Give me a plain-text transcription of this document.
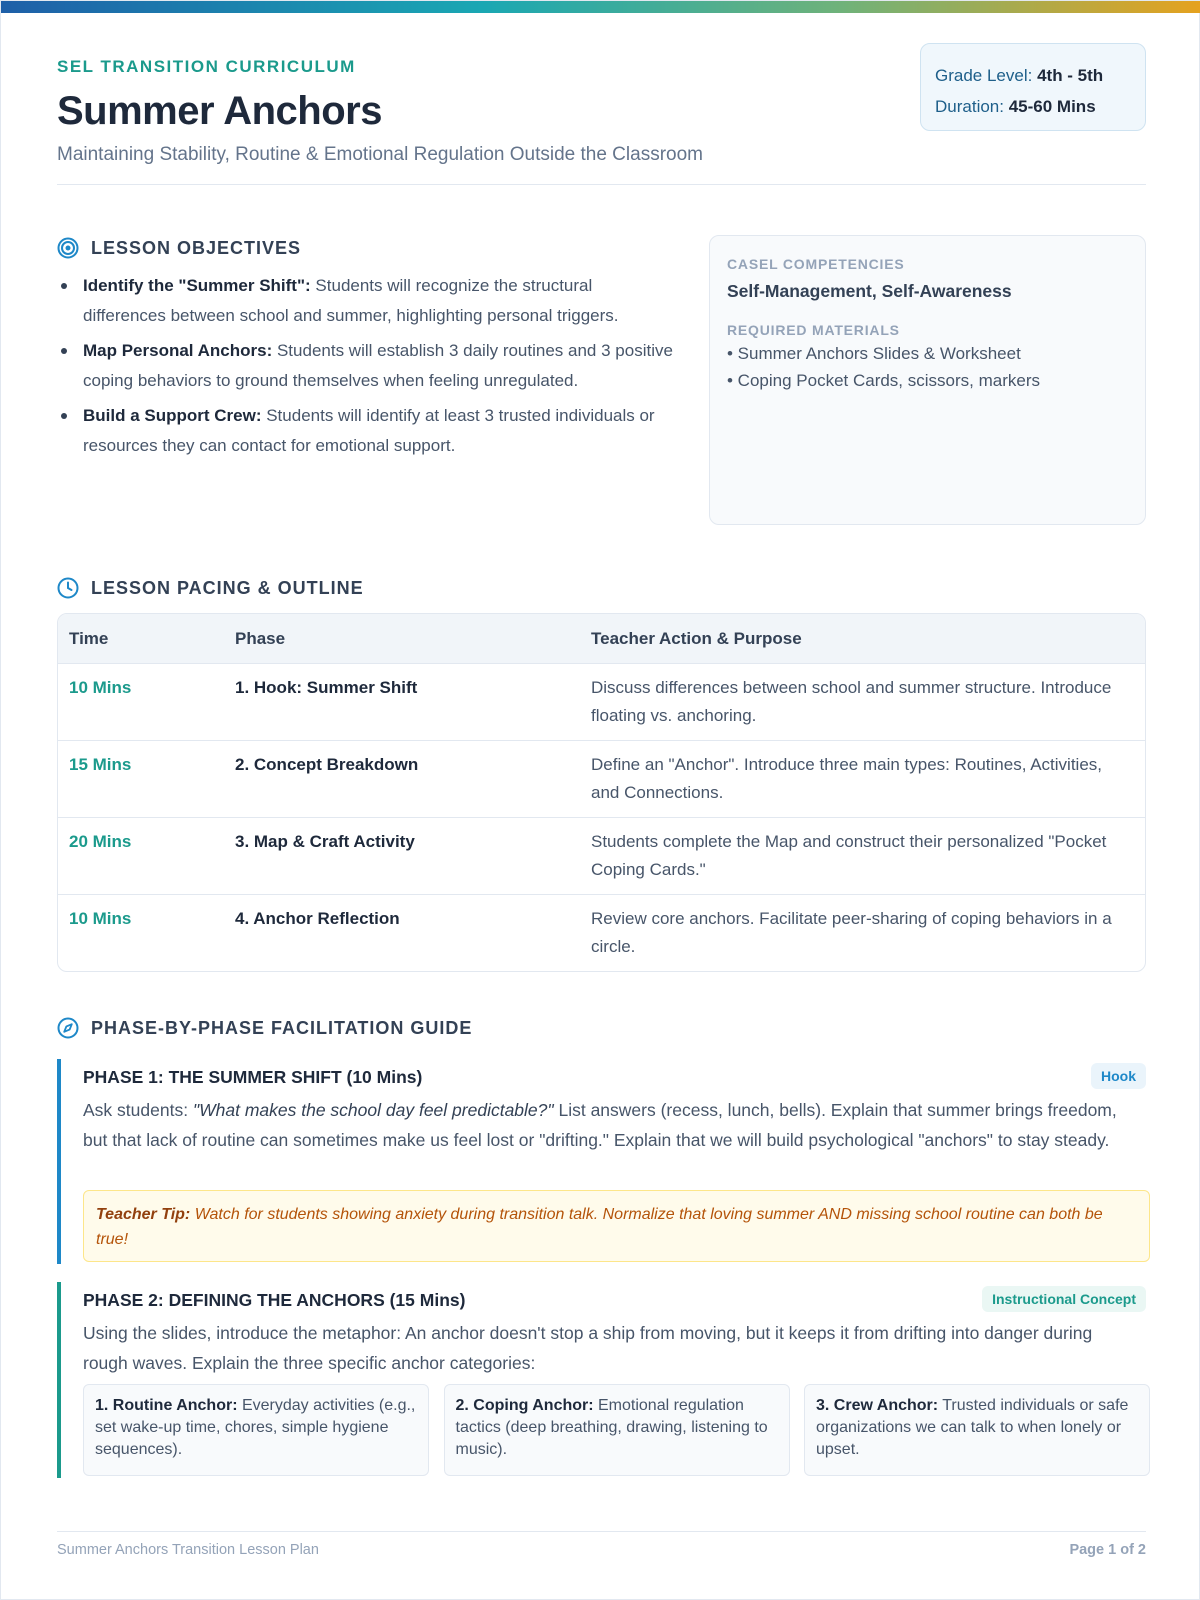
SEL TRANSITION CURRICULUM
Summer Anchors
Maintaining Stability, Routine & Emotional Regulation Outside the Classroom
Grade Level: 4th - 5th
Duration: 45-60 Mins
LESSON OBJECTIVES
Identify the "Summer Shift": Students will recognize the structural differences between school and summer, highlighting personal triggers.
Map Personal Anchors: Students will establish 3 daily routines and 3 positive coping behaviors to ground themselves when feeling unregulated.
Build a Support Crew: Students will identify at least 3 trusted individuals or resources they can contact for emotional support.
CASEL COMPETENCIES
Self-Management, Self-Awareness
REQUIRED MATERIALS
• Summer Anchors Slides & Worksheet
• Coping Pocket Cards, scissors, markers
LESSON PACING & OUTLINE
Time	Phase	Teacher Action & Purpose
10 Mins	1. Hook: Summer Shift	Discuss differences between school and summer structure. Introduce floating vs. anchoring.
15 Mins	2. Concept Breakdown	Define an "Anchor". Introduce three main types: Routines, Activities, and Connections.
20 Mins	3. Map & Craft Activity	Students complete the Map and construct their personalized "Pocket Coping Cards."
10 Mins	4. Anchor Reflection	Review core anchors. Facilitate peer-sharing of coping behaviors in a circle.
PHASE-BY-PHASE FACILITATION GUIDE
PHASE 1: THE SUMMER SHIFT (10 Mins)	Hook
Ask students: "What makes the school day feel predictable?" List answers (recess, lunch, bells). Explain that summer brings freedom, but that lack of routine can sometimes make us feel lost or "drifting." Explain that we will build psychological "anchors" to stay steady.
Teacher Tip: Watch for students showing anxiety during transition talk. Normalize that loving summer AND missing school routine can both be true!
PHASE 2: DEFINING THE ANCHORS (15 Mins)	Instructional Concept
Using the slides, introduce the metaphor: An anchor doesn't stop a ship from moving, but it keeps it from drifting into danger during rough waves. Explain the three specific anchor categories:
1. Routine Anchor: Everyday activities (e.g., set wake-up time, chores, simple hygiene sequences).
2. Coping Anchor: Emotional regulation tactics (deep breathing, drawing, listening to music).
3. Crew Anchor: Trusted individuals or safe organizations we can talk to when lonely or upset.
Summer Anchors Transition Lesson Plan	Page 1 of 2
